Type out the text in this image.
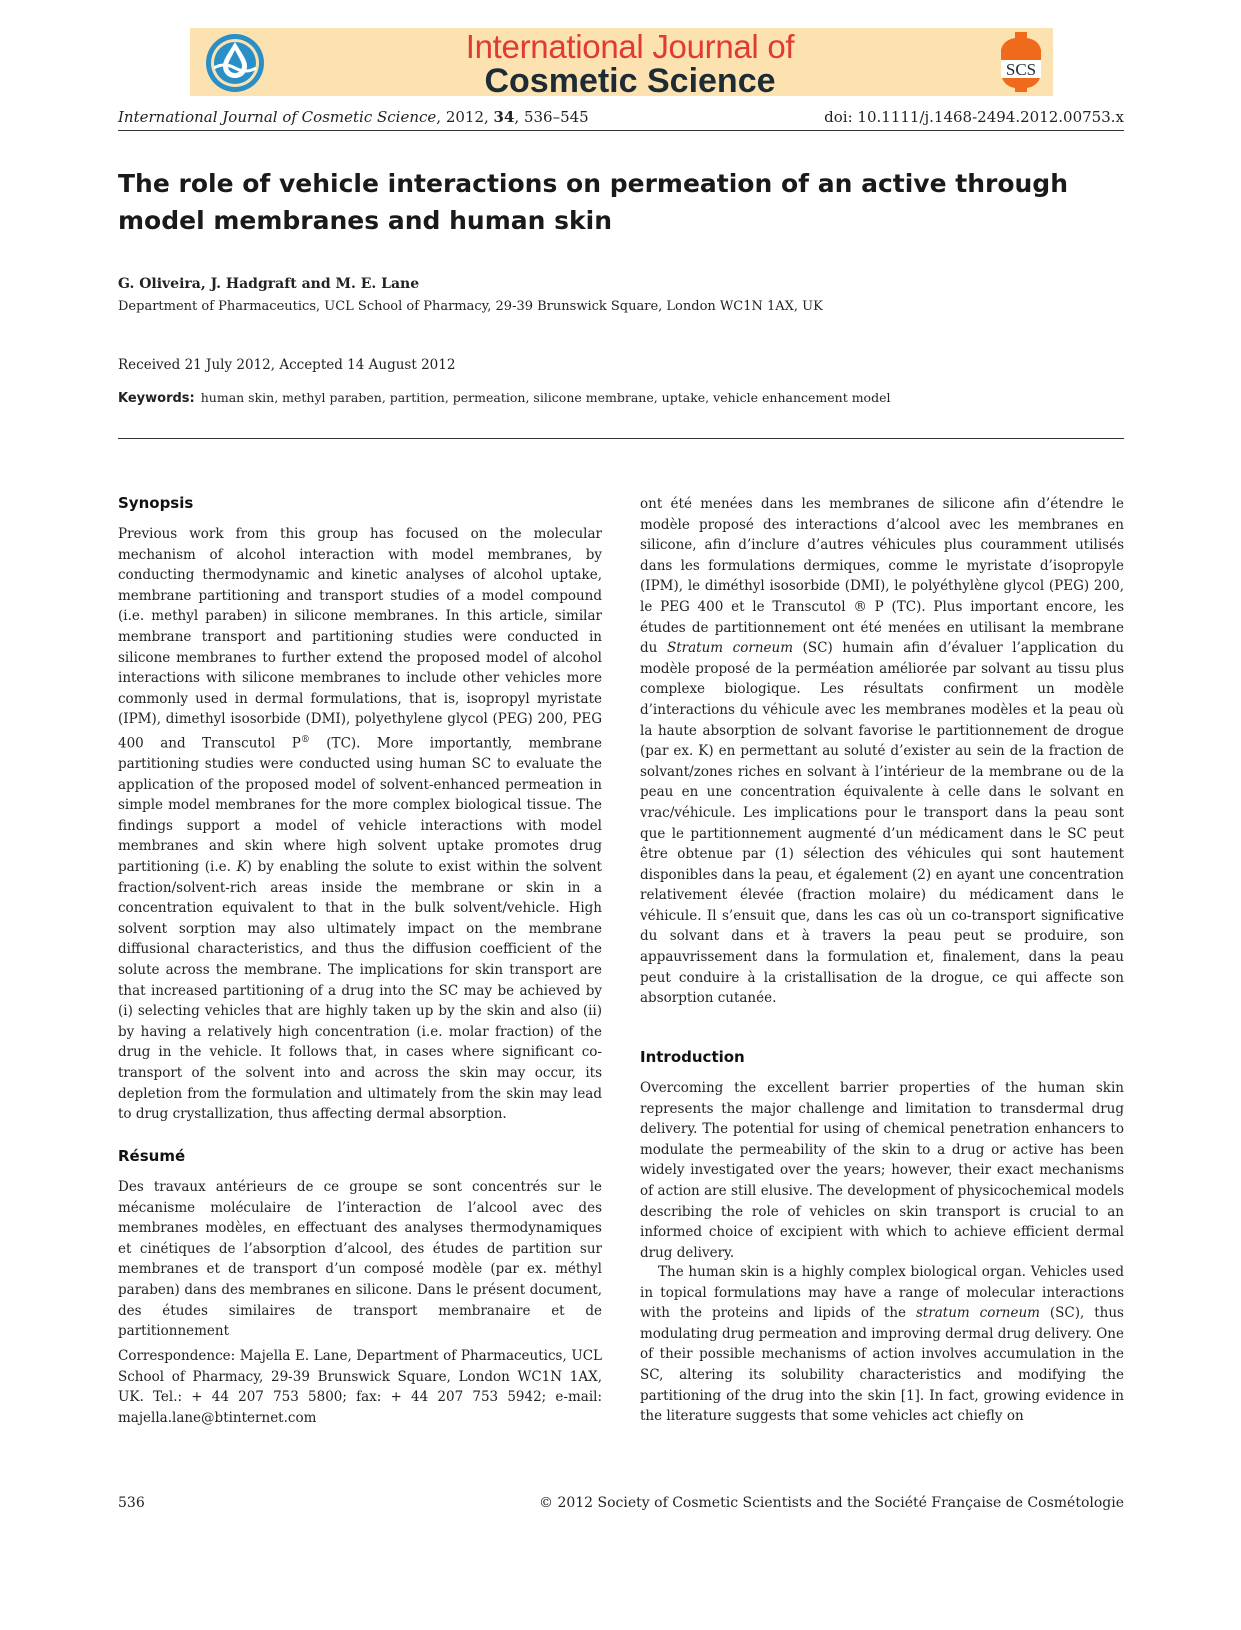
International Journal of
Cosmetic Science	SCS
International Journal of Cosmetic Science, 2012, 34, 536–545	doi: 10.1111/j.1468-2494.2012.00753.x
The role of vehicle interactions on permeation of an active through model membranes and human skin
G. Oliveira, J. Hadgraft and M. E. Lane
Department of Pharmaceutics, UCL School of Pharmacy, 29-39 Brunswick Square, London WC1N 1AX, UK
Received 21 July 2012, Accepted 14 August 2012
Keywords: human skin, methyl paraben, partition, permeation, silicone membrane, uptake, vehicle enhancement model
Synopsis

Previous work from this group has focused on the molecular mechanism of alcohol interaction with model membranes, by conducting thermodynamic and kinetic analyses of alcohol uptake, membrane partitioning and transport studies of a model compound (i.e. methyl paraben) in silicone membranes. In this article, similar membrane transport and partitioning studies were conducted in silicone membranes to further extend the proposed model of alcohol interactions with silicone membranes to include other vehicles more commonly used in dermal formulations, that is, isopropyl myristate (IPM), dimethyl isosorbide (DMI), polyethylene glycol (PEG) 200, PEG 400 and Transcutol P® (TC). More importantly, membrane partitioning studies were conducted using human SC to evaluate the application of the proposed model of solvent-enhanced permeation in simple model membranes for the more complex biological tissue. The findings support a model of vehicle interactions with model membranes and skin where high solvent uptake promotes drug partitioning (i.e. K) by enabling the solute to exist within the solvent fraction/solvent-rich areas inside the membrane or skin in a concentration equivalent to that in the bulk solvent/vehicle. High solvent sorption may also ultimately impact on the membrane diffusional characteristics, and thus the diffusion coefficient of the solute across the membrane. The implications for skin transport are that increased partitioning of a drug into the SC may be achieved by (i) selecting vehicles that are highly taken up by the skin and also (ii) by having a relatively high concentration (i.e. molar fraction) of the drug in the vehicle. It follows that, in cases where significant co-transport of the solvent into and across the skin may occur, its depletion from the formulation and ultimately from the skin may lead to drug crystallization, thus affecting dermal absorption.

Résumé

Des travaux antérieurs de ce groupe se sont concentrés sur le mécanisme moléculaire de l’interaction de l’alcool avec des membranes modèles, en effectuant des analyses thermodynamiques et cinétiques de l’absorption d’alcool, des études de partition sur membranes et de transport d’un composé modèle (par ex. méthyl paraben) dans des membranes en silicone. Dans le présent document, des études similaires de transport membranaire et de partitionnement

Correspondence: Majella E. Lane, Department of Pharmaceutics, UCL School of Pharmacy, 29-39 Brunswick Square, London WC1N 1AX, UK. Tel.: + 44 207 753 5800; fax: + 44 207 753 5942; e-mail: majella.lane@btinternet.com

ont été menées dans les membranes de silicone afin d’étendre le modèle proposé des interactions d’alcool avec les membranes en silicone, afin d’inclure d’autres véhicules plus couramment utilisés dans les formulations dermiques, comme le myristate d’isopropyle (IPM), le diméthyl isosorbide (DMI), le polyéthylène glycol (PEG) 200, le PEG 400 et le Transcutol ® P (TC). Plus important encore, les études de partitionnement ont été menées en utilisant la membrane du Stratum corneum (SC) humain afin d’évaluer l’application du modèle proposé de la perméation améliorée par solvant au tissu plus complexe biologique. Les résultats confirment un modèle d’interactions du véhicule avec les membranes modèles et la peau où la haute absorption de solvant favorise le partitionnement de drogue (par ex. K) en permettant au soluté d’exister au sein de la fraction de solvant/zones riches en solvant à l’intérieur de la membrane ou de la peau en une concentration équivalente à celle dans le solvant en vrac/véhicule. Les implications pour le transport dans la peau sont que le partitionnement augmenté d’un médicament dans le SC peut être obtenue par (1) sélection des véhicules qui sont hautement disponibles dans la peau, et également (2) en ayant une concentration relativement élevée (fraction molaire) du médicament dans le véhicule. Il s’ensuit que, dans les cas où un co-transport significative du solvant dans et à travers la peau peut se produire, son appauvrissement dans la formulation et, finalement, dans la peau peut conduire à la cristallisation de la drogue, ce qui affecte son absorption cutanée.

Introduction

Overcoming the excellent barrier properties of the human skin represents the major challenge and limitation to transdermal drug delivery. The potential for using of chemical penetration enhancers to modulate the permeability of the skin to a drug or active has been widely investigated over the years; however, their exact mechanisms of action are still elusive. The development of physicochemical models describing the role of vehicles on skin transport is crucial to an informed choice of excipient with which to achieve efficient dermal drug delivery.

The human skin is a highly complex biological organ. Vehicles used in topical formulations may have a range of molecular interactions with the proteins and lipids of the stratum corneum (SC), thus modulating drug permeation and improving dermal drug delivery. One of their possible mechanisms of action involves accumulation in the SC, altering its solubility characteristics and modifying the partitioning of the drug into the skin [1]. In fact, growing evidence in the literature suggests that some vehicles act chiefly on

536	© 2012 Society of Cosmetic Scientists and the Société Française de Cosmétologie
